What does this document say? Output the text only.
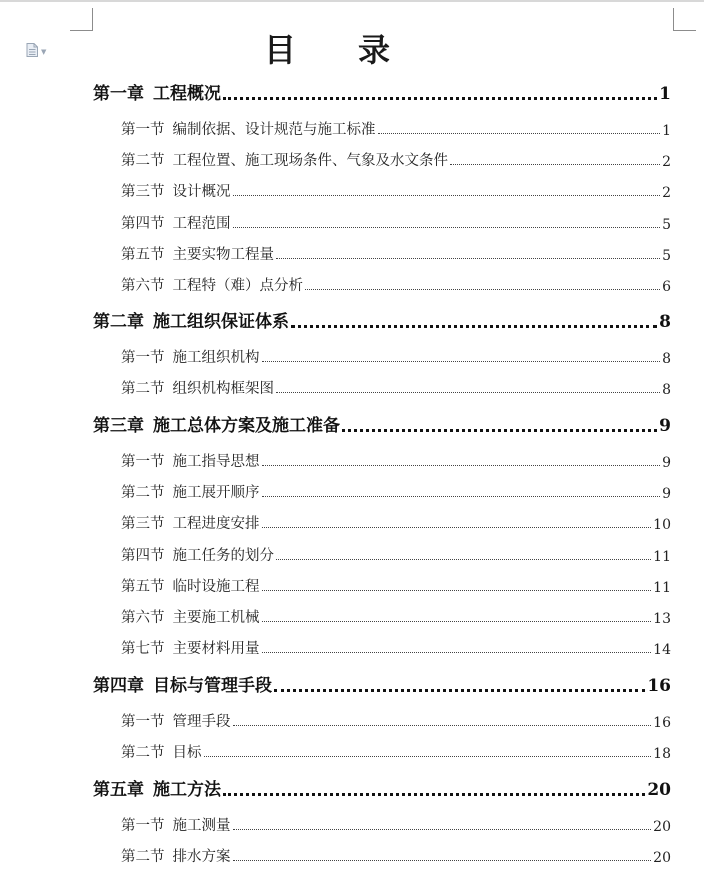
▼	目录
第一章 工程概况	1
第一节 编制依据、设计规范与施工标准	1
第二节 工程位置、施工现场条件、气象及水文条件	2
第三节 设计概况	2
第四节 工程范围	5
第五节 主要实物工程量	5
第六节 工程特（难）点分析	6
第二章 施工组织保证体系	8
第一节 施工组织机构	8
第二节 组织机构框架图	8
第三章 施工总体方案及施工准备	9
第一节 施工指导思想	9
第二节 施工展开顺序	9
第三节 工程进度安排	10
第四节 施工任务的划分	11
第五节 临时设施工程	11
第六节 主要施工机械	13
第七节 主要材料用量	14
第四章 目标与管理手段	16
第一节 管理手段	16
第二节 目标	18
第五章 施工方法	20
第一节 施工测量	20
第二节 排水方案	20
